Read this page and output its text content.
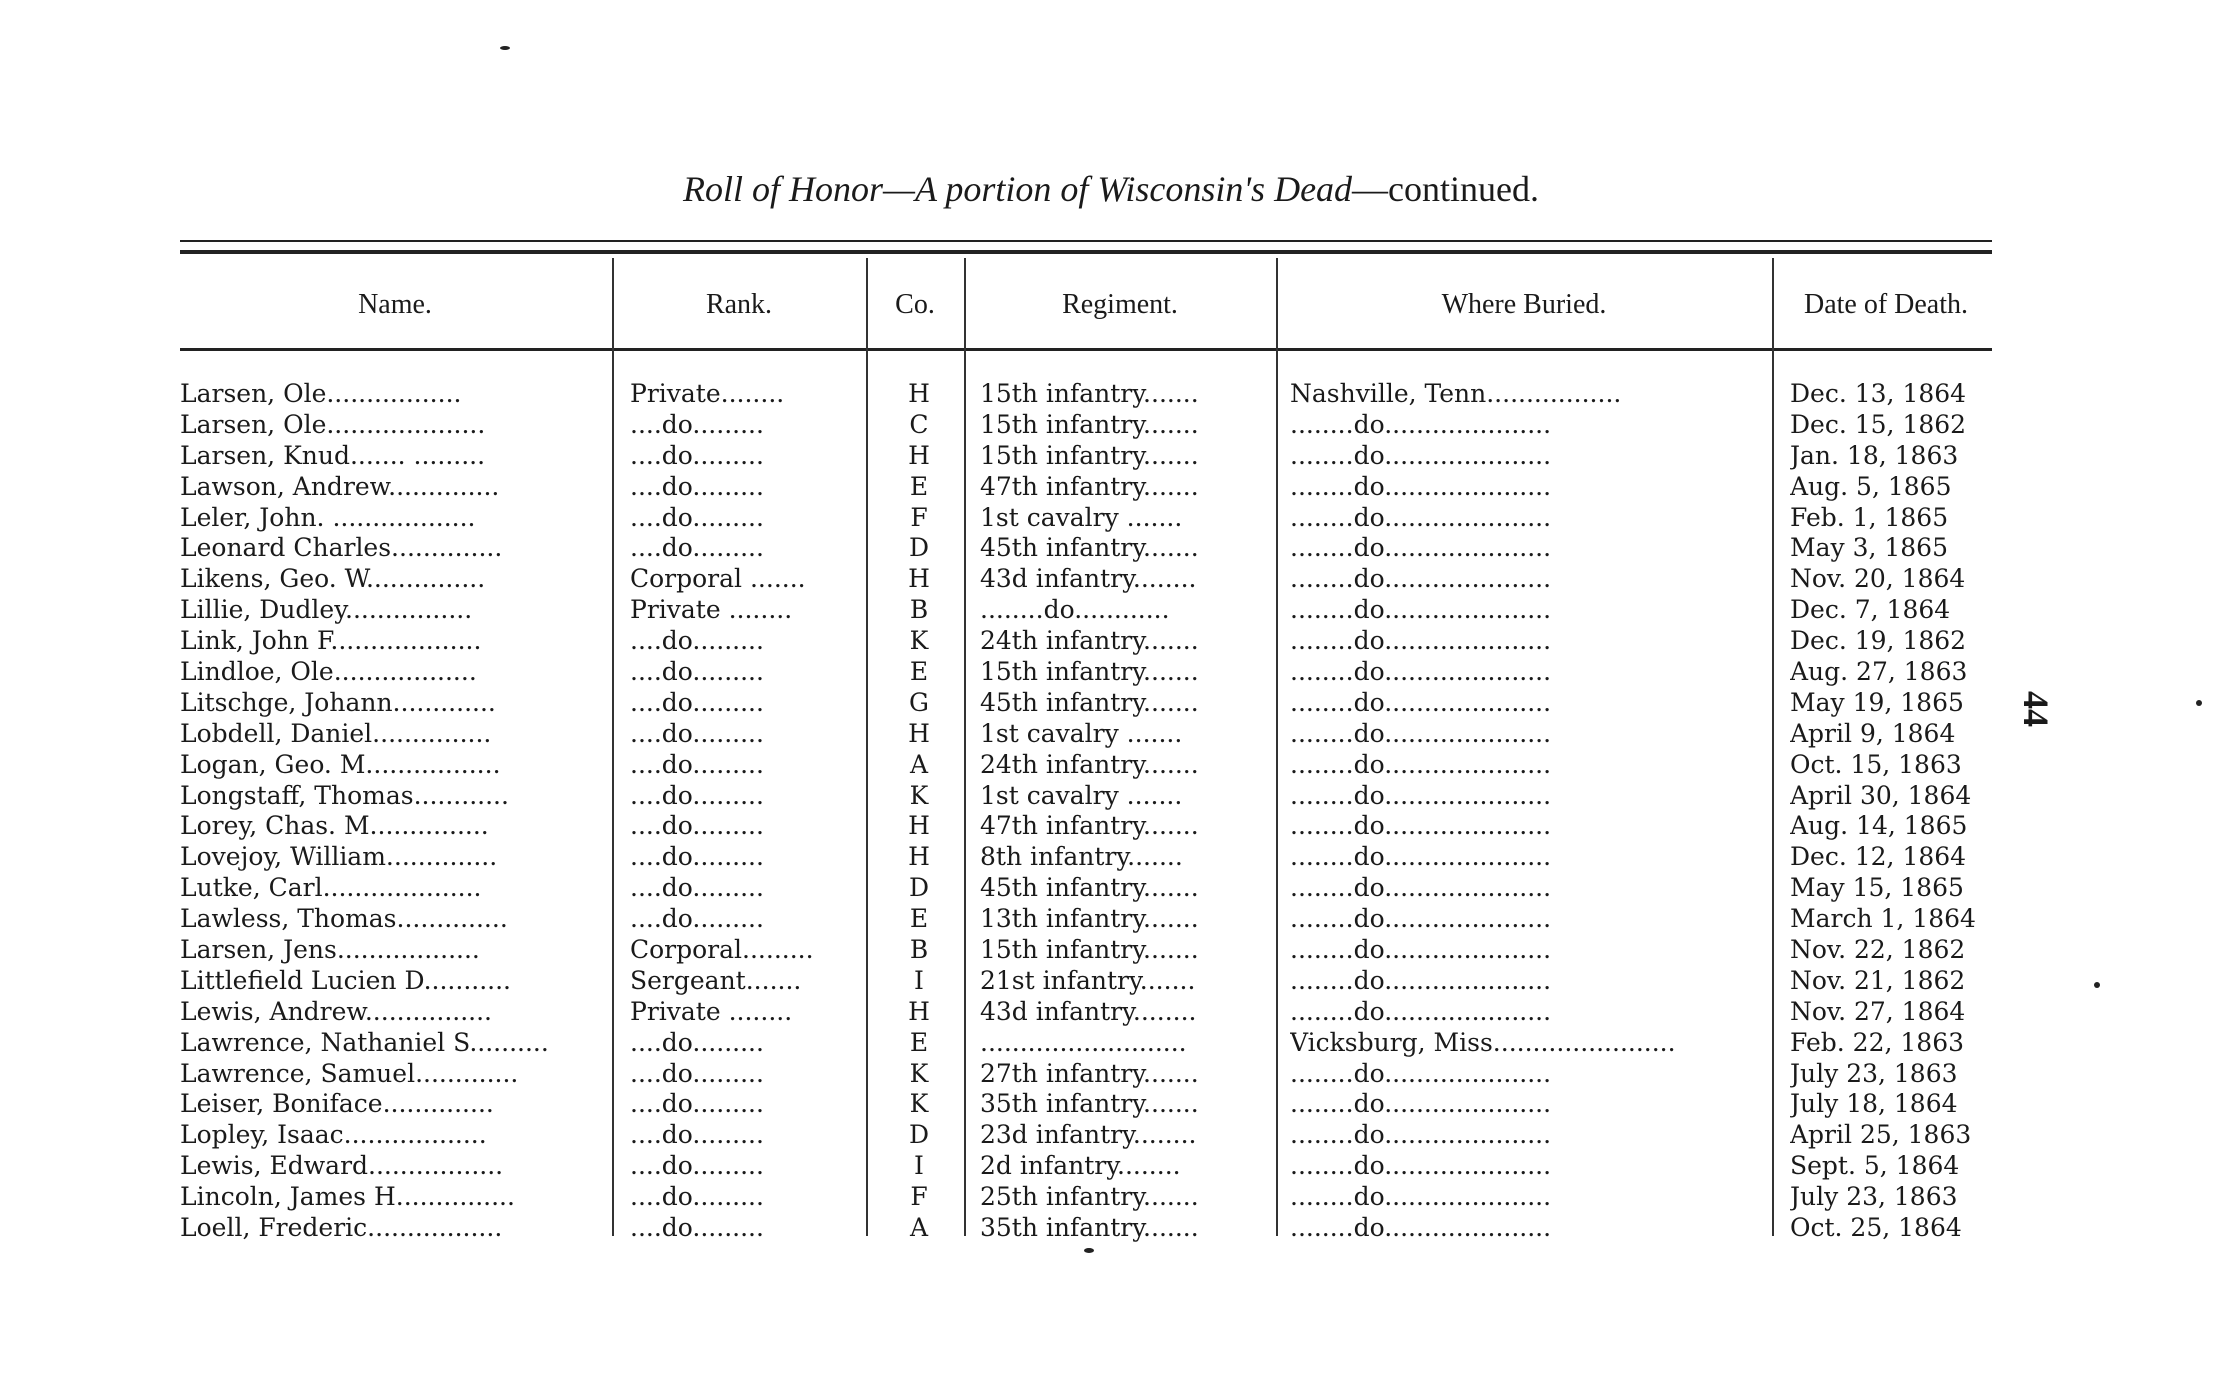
Roll of Honor—A portion of Wisconsin's Dead—continued.
Name.	Rank.	Co.	Regiment.	Where Buried.	Date of Death.
Larsen, Ole.................	Private........	H	15th infantry.......	Nashville, Tenn.................	Dec. 13, 1864
Larsen, Ole....................	....do.........	C	15th infantry.......	........do.....................	Dec. 15, 1862
Larsen, Knud....... .........	....do.........	H	15th infantry.......	........do.....................	Jan. 18, 1863
Lawson, Andrew..............	....do.........	E	47th infantry.......	........do.....................	Aug. 5, 1865
Leler, John. ..................	....do.........	F	1st cavalry .......	........do.....................	Feb. 1, 1865
Leonard Charles..............	....do.........	D	45th infantry.......	........do.....................	May 3, 1865
Likens, Geo. W...............	Corporal .......	H	43d infantry........	........do.....................	Nov. 20, 1864
Lillie, Dudley................	Private ........	B	........do............	........do.....................	Dec. 7, 1864
Link, John F...................	....do.........	K	24th infantry.......	........do.....................	Dec. 19, 1862
Lindloe, Ole..................	....do.........	E	15th infantry.......	........do.....................	Aug. 27, 1863
Litschge, Johann.............	....do.........	G	45th infantry.......	........do.....................	May 19, 1865
Lobdell, Daniel...............	....do.........	H	1st cavalry .......	........do.....................	April 9, 1864
Logan, Geo. M.................	....do.........	A	24th infantry.......	........do.....................	Oct. 15, 1863
Longstaff, Thomas............	....do.........	K	1st cavalry .......	........do.....................	April 30, 1864
Lorey, Chas. M...............	....do.........	H	47th infantry.......	........do.....................	Aug. 14, 1865
Lovejoy, William..............	....do.........	H	8th infantry.......	........do.....................	Dec. 12, 1864
Lutke, Carl....................	....do.........	D	45th infantry.......	........do.....................	May 15, 1865
Lawless, Thomas..............	....do.........	E	13th infantry.......	........do.....................	March 1, 1864
Larsen, Jens..................	Corporal.........	B	15th infantry.......	........do.....................	Nov. 22, 1862
Littlefield Lucien D...........	Sergeant.......	I	21st infantry.......	........do.....................	Nov. 21, 1862
Lewis, Andrew................	Private ........	H	43d infantry........	........do.....................	Nov. 27, 1864
Lawrence, Nathaniel S..........	....do.........	E	..........................	Vicksburg, Miss.......................	Feb. 22, 1863
Lawrence, Samuel.............	....do.........	K	27th infantry.......	........do.....................	July 23, 1863
Leiser, Boniface..............	....do.........	K	35th infantry.......	........do.....................	July 18, 1864
Lopley, Isaac..................	....do.........	D	23d infantry........	........do.....................	April 25, 1863
Lewis, Edward.................	....do.........	I	2d infantry........	........do.....................	Sept. 5, 1864
Lincoln, James H...............	....do.........	F	25th infantry.......	........do.....................	July 23, 1863
Loell, Frederic.................	....do.........	A	35th infantry.......	........do.....................	Oct. 25, 1864
44
